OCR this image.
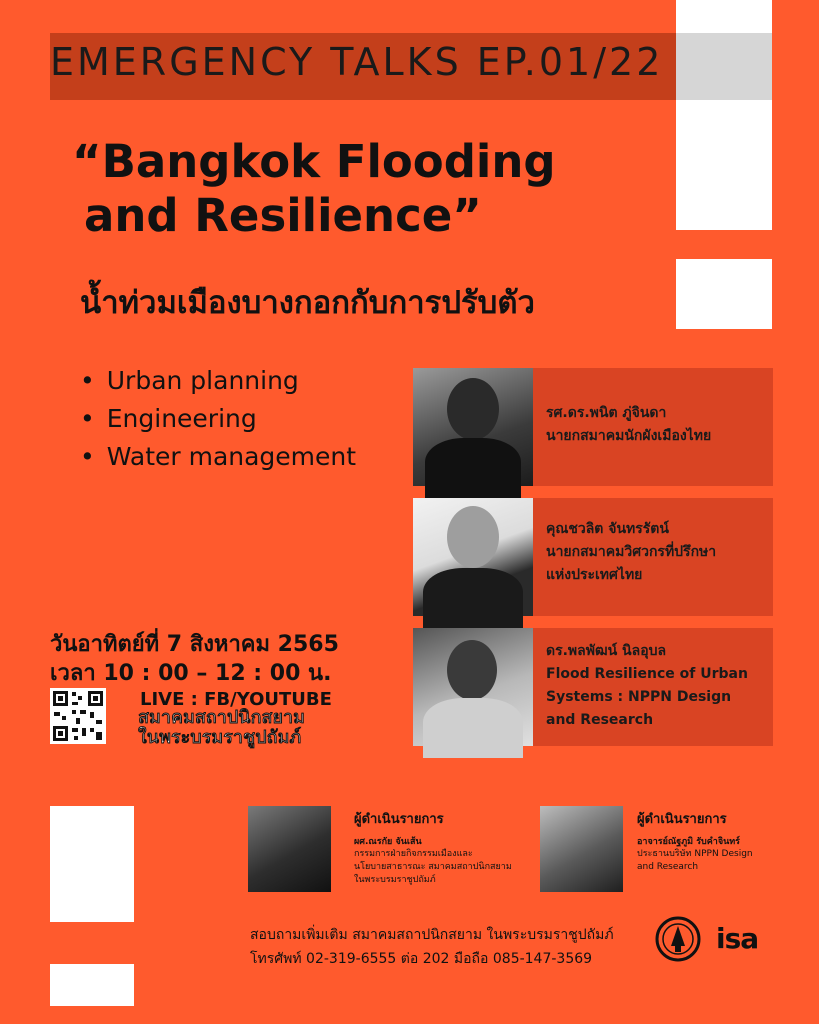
EMERGENCY TALKS EP.01/22
“Bangkok Flooding
and Resilience”
น้ำท่วมเมืองบางกอกกับการปรับตัว
• Urban planning
• Engineering
• Water management
รศ.ดร.พนิต ภู่จินดา
นายกสมาคมนักผังเมืองไทย
คุณชวลิต จันทรรัตน์
นายกสมาคมวิศวกรที่ปรึกษา
แห่งประเทศไทย
ดร.พลพัฒน์ นิลอุบล
Flood Resilience of Urban
Systems : NPPN Design
and Research
วันอาทิตย์ที่ 7 สิงหาคม 2565
เวลา 10 : 00 – 12 : 00 น.
LIVE : FB/YOUTUBE
สมาคมสถาปนิกสยาม
ในพระบรมราชูปถัมภ์
ผู้ดำเนินรายการ
ผศ.ณรกัย จันเส้น
กรรมการฝ่ายกิจกรรมเมืองและ
นโยบายสาธารณะ สมาคมสถาปนิกสยาม
ในพระบรมราชูปถัมภ์
ผู้ดำเนินรายการ
อาจารย์ณัฐภูมิ รับคำจินทร์
ประธานบริษัท NPPN Design
and Research
สอบถามเพิ่มเติม สมาคมสถาปนิกสยาม ในพระบรมราชูปถัมภ์
โทรศัพท์ 02-319-6555 ต่อ 202 มือถือ 085-147-3569
isa
